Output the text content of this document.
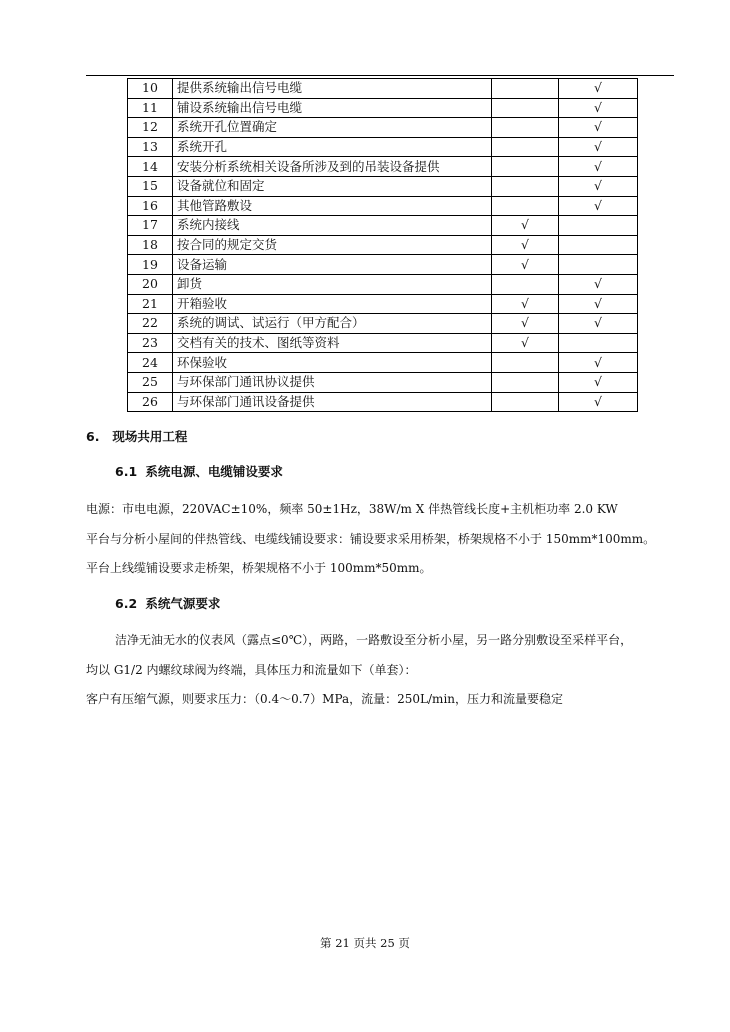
10	提供系统输出信号电缆		√
11	铺设系统输出信号电缆		√
12	系统开孔位置确定		√
13	系统开孔		√
14	安装分析系统相关设备所涉及到的吊装设备提供		√
15	设备就位和固定		√
16	其他管路敷设		√
17	系统内接线	√	
18	按合同的规定交货	√	
19	设备运输	√	
20	卸货		√
21	开箱验收	√	√
22	系统的调试、试运行（甲方配合）	√	√
23	交档有关的技术、图纸等资料	√	
24	环保验收		√
25	与环保部门通讯协议提供		√
26	与环保部门通讯设备提供		√
6. 现场共用工程
6.1 系统电源、电缆铺设要求
电源：市电电源，220VAC±10%，频率 50±1Hz，38W/m X 伴热管线长度+主机柜功率 2.0 KW
平台与分析小屋间的伴热管线、电缆线铺设要求：铺设要求采用桥架，桥架规格不小于 150mm*100mm。
平台上线缆铺设要求走桥架，桥架规格不小于 100mm*50mm。
6.2 系统气源要求
洁净无油无水的仪表风（露点≤0℃），两路，一路敷设至分析小屋，另一路分别敷设至采样平台，
均以 G1/2 内螺纹球阀为终端，具体压力和流量如下（单套）：
客户有压缩气源，则要求压力：（0.4～0.7）MPa，流量：250L/min，压力和流量要稳定
第 21 页共 25 页
